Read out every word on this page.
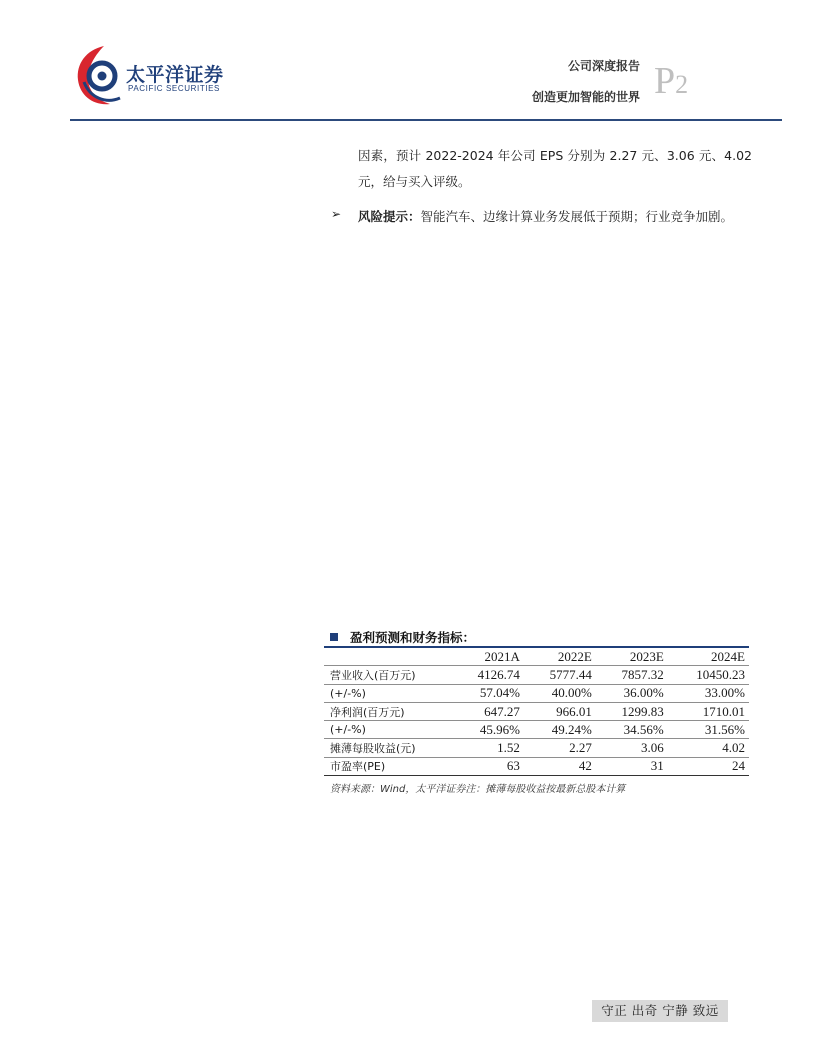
太平洋证券
PACIFIC SECURITIES
公司深度报告
创造更加智能的世界 P2
因素，预计 2022-2024 年公司 EPS 分别为 2.27 元、3.06 元、4.02 元，给与买入评级。
➢ 风险提示：智能汽车、边缘计算业务发展低于预期；行业竞争加剧。
盈利预测和财务指标：
	2021A	2022E	2023E	2024E
营业收入(百万元)	4126.74	5777.44	7857.32	10450.23
(+/-%)	57.04%	40.00%	36.00%	33.00%
净利润(百万元)	647.27	966.01	1299.83	1710.01
(+/-%)	45.96%	49.24%	34.56%	31.56%
摊薄每股收益(元)	1.52	2.27	3.06	4.02
市盈率(PE)	63	42	31	24
资料来源：Wind，太平洋证券注：摊薄每股收益按最新总股本计算
守正 出奇 宁静 致远
